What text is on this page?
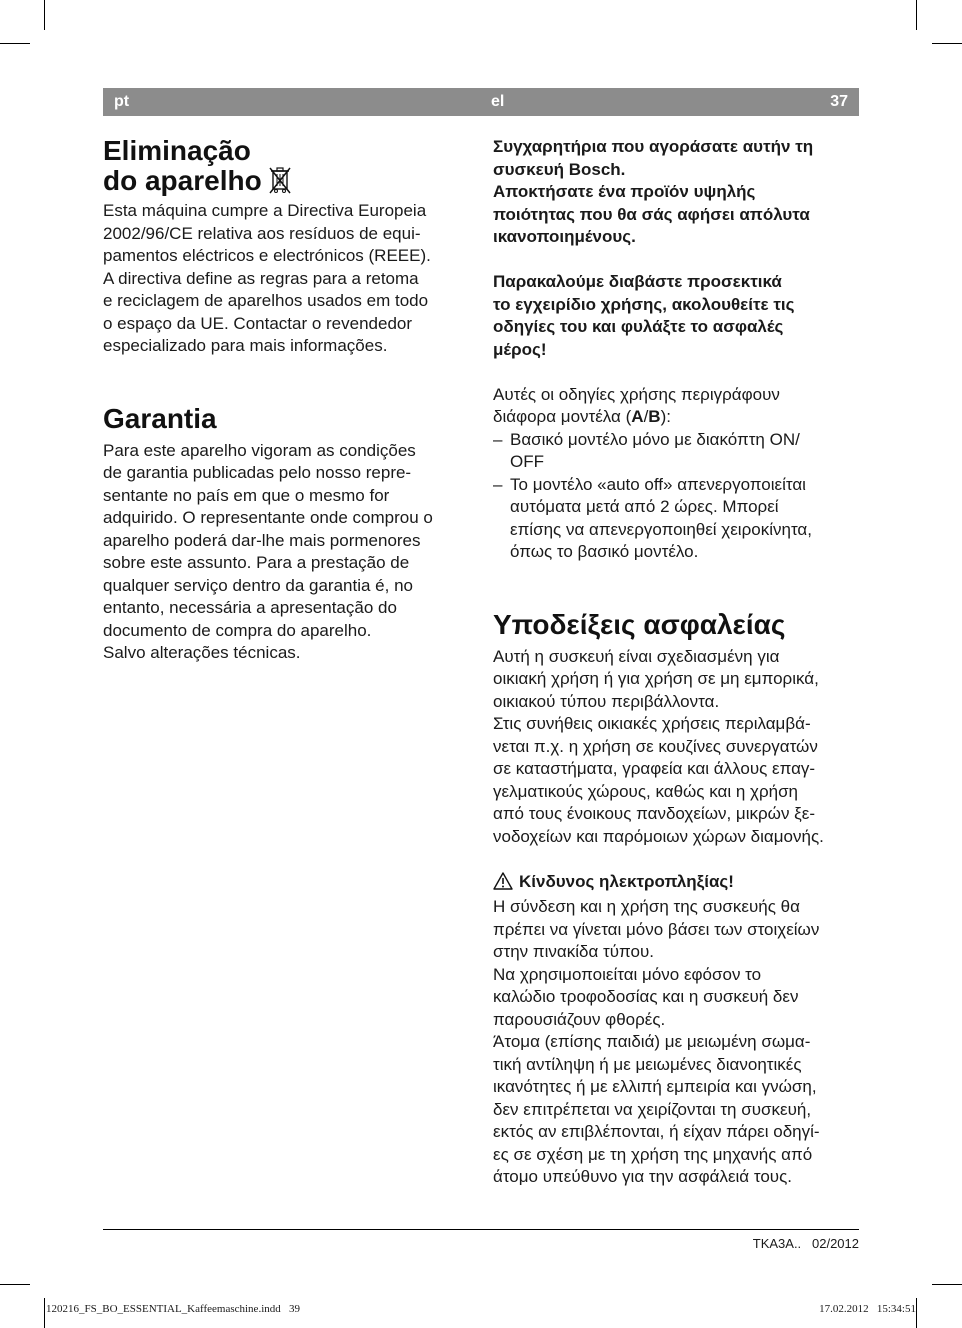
pt	el	37
Eliminação
do aparelho

Esta máquina cumpre a Directiva Europeia
2002/96/CE relativa aos resíduos de equi-
pamentos eléctricos e electrónicos (REEE).
A directiva define as regras para a retoma
e reciclagem de aparelhos usados em todo
o espaço da UE. Contactar o revendedor
especializado para mais informações.

Garantia

Para este aparelho vigoram as condições
de garantia publicadas pelo nosso repre-
sentante no país em que o mesmo for
adquirido. O representante onde comprou o
aparelho poderá dar-lhe mais pormenores
sobre este assunto. Para a prestação de
qualquer serviço dentro da garantia é, no
entanto, necessária a apresentação do
documento de compra do aparelho.
Salvo alterações técnicas.

Συγχαρητήρια που αγοράσατε αυτήν τη
συσκευή Bosch.
Αποκτήσατε ένα προϊόν υψηλής
ποιότητας που θα σάς αφήσει απόλυτα
ικανοποιημένους.

Παρακαλούμε διαβάστε προσεκτικά
το εγχειρίδιο χρήσης, ακολουθείτε τις
οδηγίες του και φυλάξτε το ασφαλές
μέρος!

Αυτές οι οδηγίες χρήσης περιγράφουν
διάφορα μοντέλα (A/B):

– Βασικό μοντέλο μόνο με διακόπτη ON/
OFF
– Το μοντέλο «auto off» απενεργοποιείται
αυτόματα μετά από 2 ώρες. Μπορεί
επίσης να απενεργοποιηθεί χειροκίνητα,
όπως το βασικό μοντέλο.
Υποδείξεις ασφαλείας

Αυτή η συσκευή είναι σχεδιασμένη για
οικιακή χρήση ή για χρήση σε μη εμπορικά,
οικιακού τύπου περιβάλλοντα.
Στις συνήθεις οικιακές χρήσεις περιλαμβά-
νεται π.χ. η χρήση σε κουζίνες συνεργατών
σε καταστήματα, γραφεία και άλλους επαγ-
γελματικούς χώρους, καθώς και η χρήση
από τους ένοικους πανδοχείων, μικρών ξε-
νοδοχείων και παρόμοιων χώρων διαμονής.

Κίνδυνος ηλεκτροπληξίας!

Η σύνδεση και η χρήση της συσκευής θα
πρέπει να γίνεται μόνο βάσει των στοιχείων
στην πινακίδα τύπου.
Να χρησιμοποιείται μόνο εφόσον το
καλώδιο τροφοδοσίας και η συσκευή δεν
παρουσιάζουν φθορές.
Άτομα (επίσης παιδιά) με μειωμένη σωμα-
τική αντίληψη ή με μειωμένες διανοητικές
ικανότητες ή με ελλιπή εμπειρία και γνώση,
δεν επιτρέπεται να χειρίζονται τη συσκευή,
εκτός αν επιβλέπονται, ή είχαν πάρει οδηγί-
ες σε σχέση με τη χρήση της μηχανής από
άτομο υπεύθυνο για την ασφάλειά τους.

TKA3A..   02/2012
120216_FS_BO_ESSENTIAL_Kaffeemaschine.indd   39	17.02.2012   15:34:51
